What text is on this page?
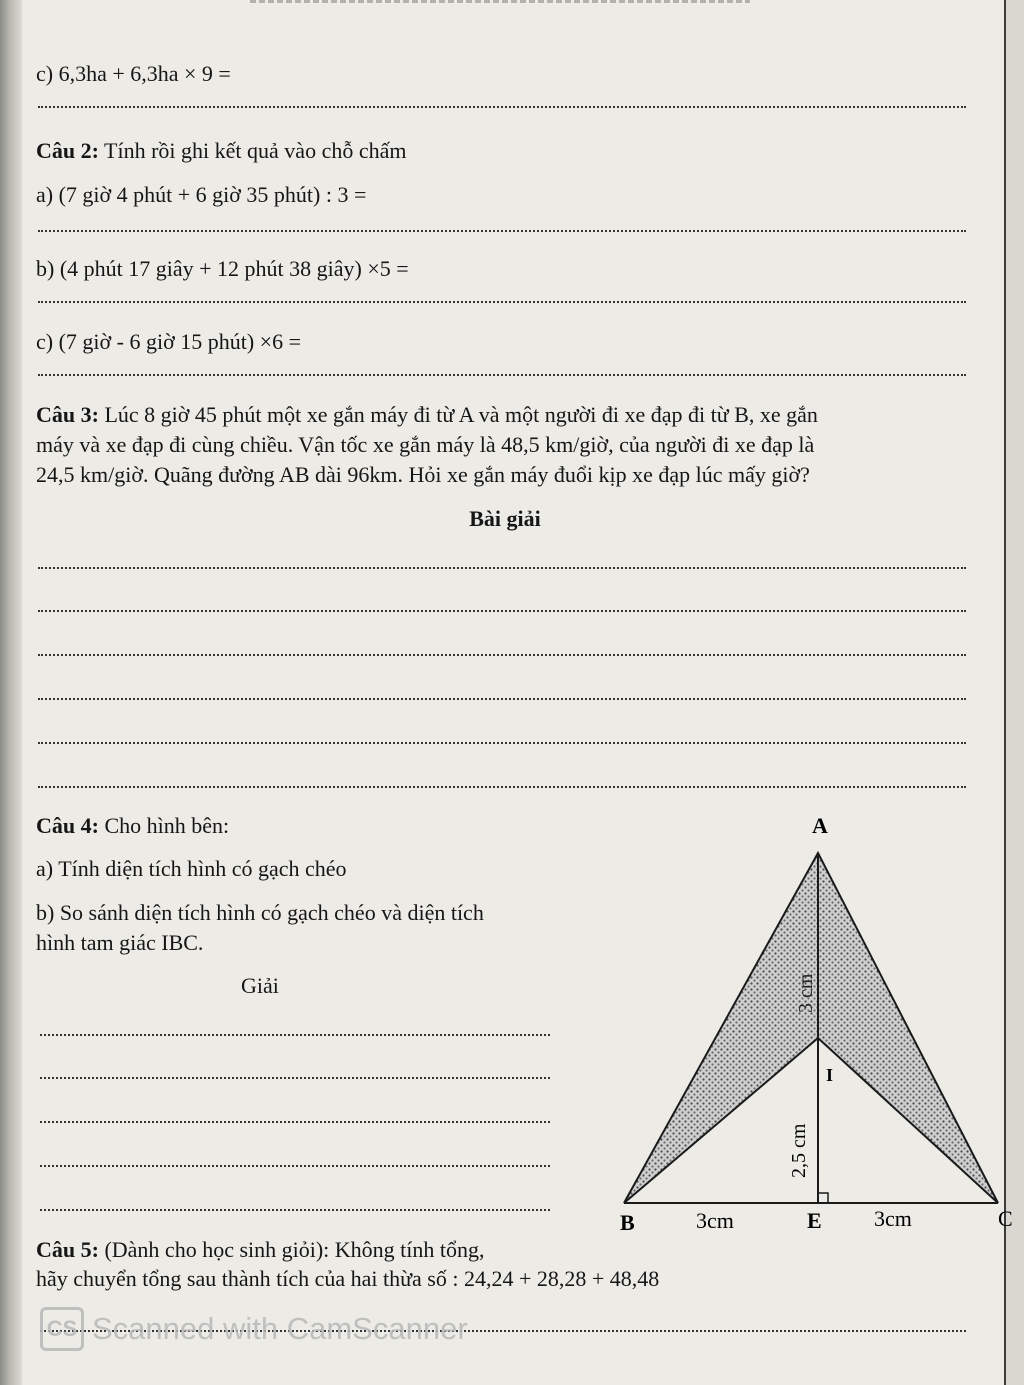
c) 6,3ha + 6,3ha × 9 =
Câu 2: Tính rồi ghi kết quả vào chỗ chấm
a) (7 giờ 4 phút + 6 giờ 35 phút) : 3 =
b) (4 phút 17 giây + 12 phút 38 giây) ×5 =
c) (7 giờ - 6 giờ 15 phút) ×6 =
Câu 3: Lúc 8 giờ 45 phút một xe gắn máy đi từ A và một người đi xe đạp đi từ B, xe gắn
máy và xe đạp đi cùng chiều. Vận tốc xe gắn máy là 48,5 km/giờ, của người đi xe đạp là
24,5 km/giờ. Quãng đường AB dài 96km. Hỏi xe gắn máy đuổi kịp xe đạp lúc mấy giờ?
Bài giải
Câu 4: Cho hình bên:
a) Tính diện tích hình có gạch chéo
b) So sánh diện tích hình có gạch chéo và diện tích
hình tam giác IBC.
Giải
A
B	C
E
I
3cm	3cm
2,5 cm
3 cm
Câu 5: (Dành cho học sinh giỏi): Không tính tổng,
hãy chuyển tổng sau thành tích của hai thừa số : 24,24 + 28,28 + 48,48
CS Scanned with CamScanner
